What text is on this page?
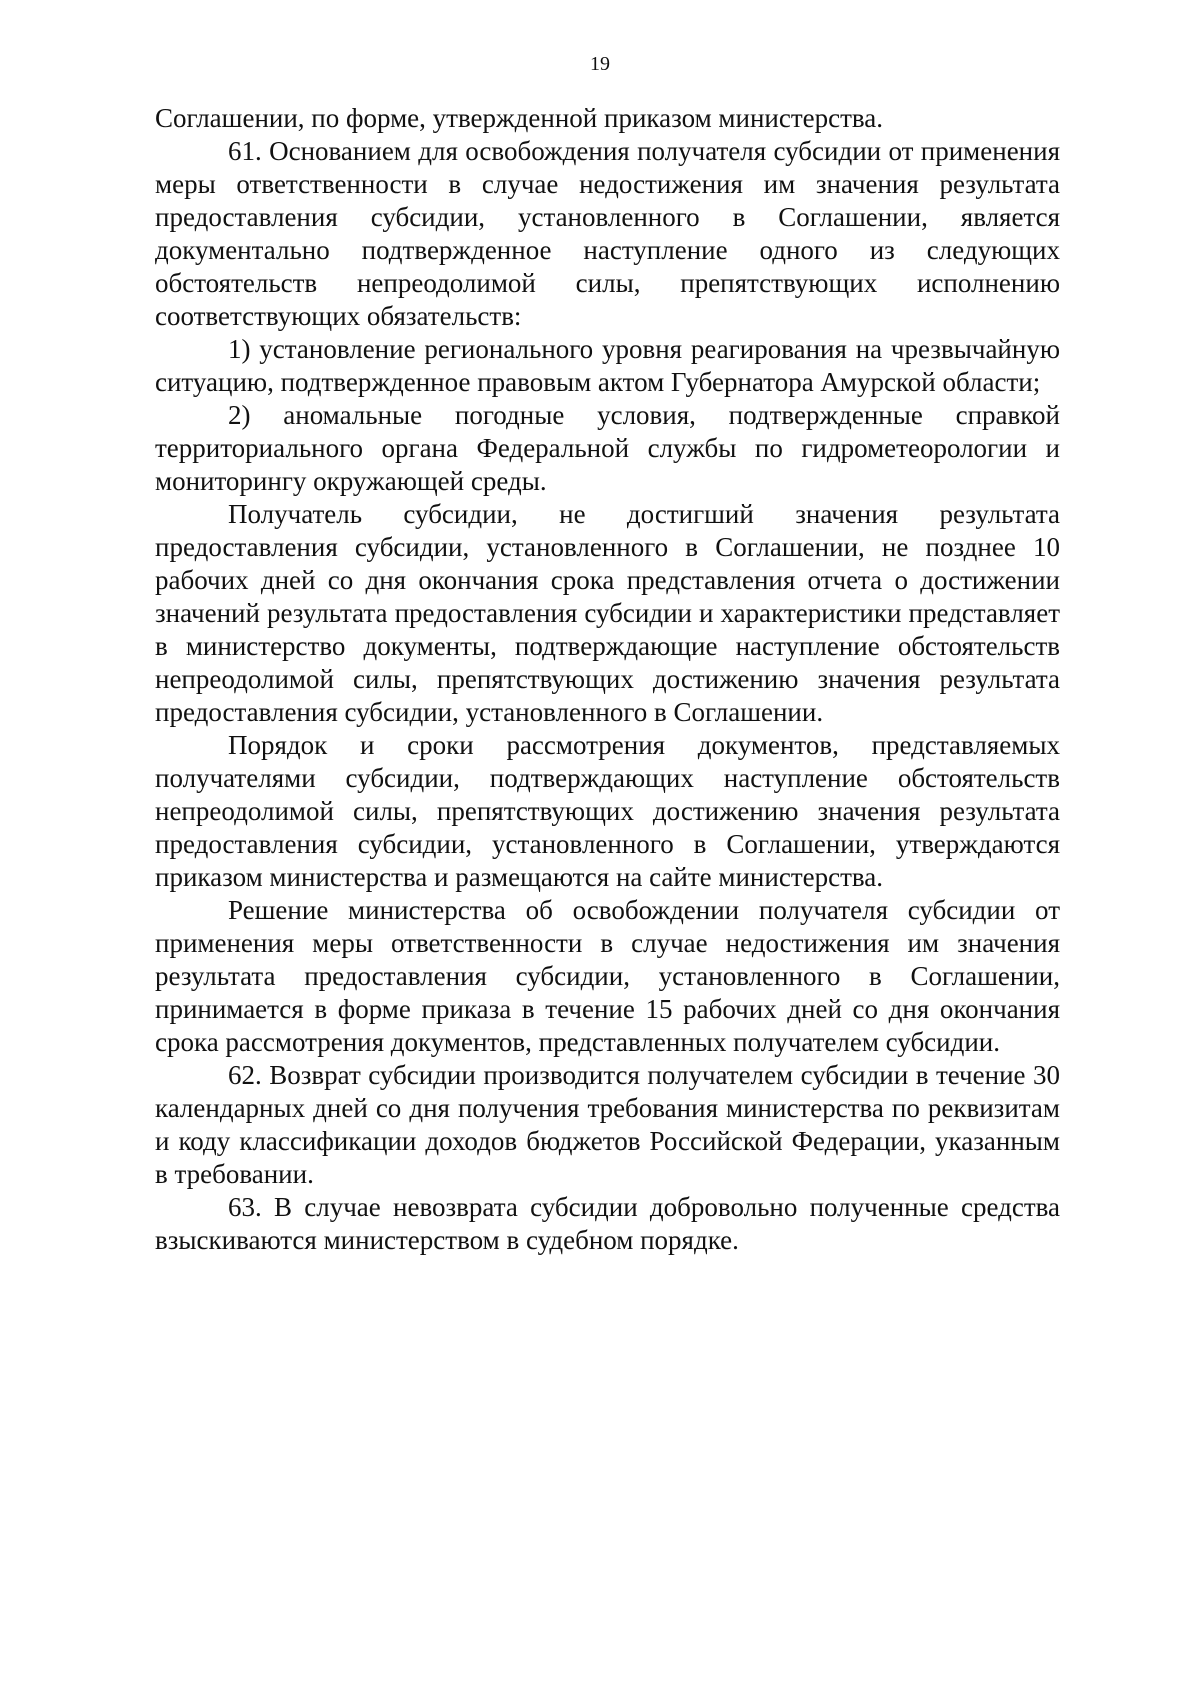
19

Соглашении, по форме, утвержденной приказом министерства.

61. Основанием для освобождения получателя субсидии от применения меры ответственности в случае недостижения им значения результата предоставления субсидии, установленного в Соглашении, является документально подтвержденное наступление одного из следующих обстоятельств непреодолимой силы, препятствующих исполнению соответствующих обязательств:

1) установление регионального уровня реагирования на чрезвычайную ситуацию, подтвержденное правовым актом Губернатора Амурской области;

2) аномальные погодные условия, подтвержденные справкой территориального органа Федеральной службы по гидрометеорологии и мониторингу окружающей среды.

Получатель субсидии, не достигший значения результата предоставления субсидии, установленного в Соглашении, не позднее 10 рабочих дней со дня окончания срока представления отчета о достижении значений результата предоставления субсидии и характеристики представляет в министерство документы, подтверждающие наступление обстоятельств непреодолимой силы, препятствующих достижению значения результата предоставления субсидии, установленного в Соглашении.

Порядок и сроки рассмотрения документов, представляемых получателями субсидии, подтверждающих наступление обстоятельств непреодолимой силы, препятствующих достижению значения результата предоставления субсидии, установленного в Соглашении, утверждаются приказом министерства и размещаются на сайте министерства.

Решение министерства об освобождении получателя субсидии от применения меры ответственности в случае недостижения им значения результата предоставления субсидии, установленного в Соглашении, принимается в форме приказа в течение 15 рабочих дней со дня окончания срока рассмотрения документов, представленных получателем субсидии.

62. Возврат субсидии производится получателем субсидии в течение 30 календарных дней со дня получения требования министерства по реквизитам и коду классификации доходов бюджетов Российской Федерации, указанным в требовании.

63. В случае невозврата субсидии добровольно полученные средства взыскиваются министерством в судебном порядке.
